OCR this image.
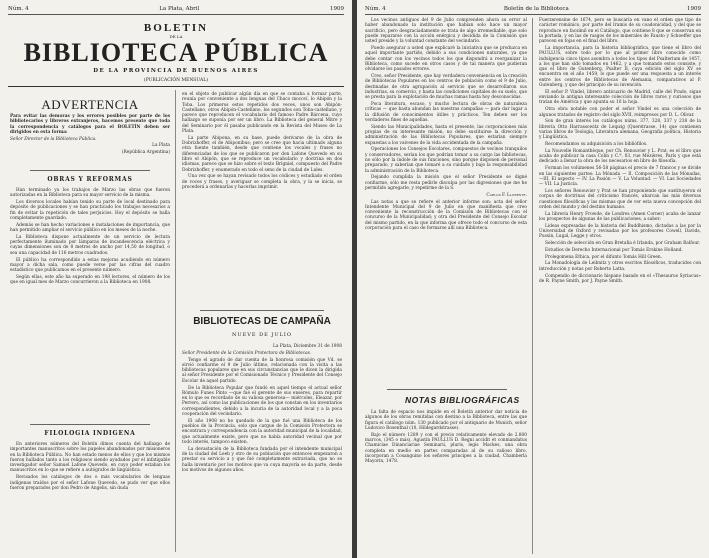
Núm. 4	La Plata, Abril	1909
BOLETIN
DE LA
BIBLIOTECA PÚBLICA
DE LA PROVINCIA DE BUENOS AIRES
(PUBLICACIÓN MENSUAL)
ADVERTENCIA

Para evitar las demoras y los errores posibles por parte de los bibliotecarios y libreros extranjeros, hacemos presente que toda la correspondencia y catálogos para el BOLETÍN deben ser dirigidos en esta forma:

Señor Director de la Biblioteca Pública.

La Plata

(República Argentina)

OBRAS Y REFORMAS

Han terminado ya los trabajos de Marzo las obras que fueron autorizadas en la Biblioteca para su mayor servicio de la misma.

Los diversos locales habían tenido su parte de local destinado para depósito de publicaciones y se han practicado los trabajos necesarios a fin de evitar la repetición de tales perjuicios. Hoy el depósito se halla completamente guardado.

Además se han hecho variaciones e instalaciones de importancia, que han permitido ampliar el servicio público en los meses de la noche.

La Biblioteca dispone actualmente de un servicio de lectura perfectamente iluminado por lámparas de incandescencia eléctrica y cuyas dimensiones son de 8 metros de ancho por 14,50 de longitud, o sea una capacidad de 116 metros cuadrados.

El público ha correspondido a estas mejoras acudiendo en número mayor a dicha sala, como puede verse por las cifras del cuadro estadístico que publicamos en el presente número.

Según ellas, este año ha superado en 198 lectores, el número de los que en igual mes de Marzo concurrieron a la Biblioteca en 1908.

FILOLOGIA INDIGENA

En anteriores números del Boletín dimos cuenta del hallazgo de importantes manuscritos sobre los papeles abandonados por misioneros en la Biblioteca Pública. No han estado menos de ellos y que los mismos fueron hallados tanto a los religiosos siendo ayudados por el infatigable investigador señor Samuel Lafone Quevedo, en cuyo poder estaban los manuscritos en lo que se refiere a autógrafos de lingüística.

Revisados los catálogos de dos o más vocabularios de lenguas indígenas traídos por el señor Lafone Quevedo, se pudo ver que ellos fueron preparados por don Pedro de Angelis, sin duda

en el objeto de publicar algún día en que se contaba a formar parte, reunía por conveniente a dos lenguas del Chaco mocoví, lo Abipón y la Toba. Los primeros estos repetidos dos veces, unos son Abipón-Castellano, otros Abipón-Castellano, los segundos son Toba-castellano, y parece que reproducen el vocabulario del famoso Padre Bárcena, cuyo hallazgo se suponía por ser un libro. La Biblioteca del general Mitre y del Seminario por él pasaba publicando en la Revista del Museo de La Plata.

La parte Abipona, en su base, puede derivarse de la obra de Dobrizhoffer, el de Abiponibus; pero se cree que hacia ultimado alguna otra fuente también, desde que contiene los vocales y frases no diferenciadas de los que se publicaron por don Lafone Quevedo en su libro el Abipón, que se reproduce un vocabulario y doctrina en dos idiomas, parece que se hizo sobre el texto Brigniel, compuesto del Padre Dobrizhoffer, y enumerado en todo el seno de la ciudad de Lules.

Una vez que se hayan revisado todos los códices y estudiado el orden de voces y frases, y averiguar se completa la obra, y la se inicia, se procederá a ordenarlas y hacerlas imprimir.

BIBLIOTECAS DE CAMPAÑA
NUEVE DE JULIO

La Plata, Diciembre 31 de 1908

Señor Presidente de la Comisión Protectora de Bibliotecas.

Tengo el agrado de dar cuenta de la honrosa comisión que Vd. se sirvió confiarme el 9 de Julio último, relacionada con la visita a las bibliotecas populares que en sus circunstancias que le dicen la dirigida al señor Presidente por el Comisionado Técnico y Presidente del Consejo Escolar de aquel partido.

De la Biblioteca Popular que fundó en aquel tiempo el actual señor Rómulo Funes Pinto —que fué el gerente de sus enseres, para repartir en lo que es recordado de su valiosa generosa— miércoles, Eleazar, por Perrero, así como las publicaciones de los que constan en los inventarios correspondientes, debido a la incuria de la autoridad local y a la poca cooperación del vecindario.

El año 1908 no he quedado de la que fué una Biblioteca de los pueblos de la Provincia, solo que cargue de la Comisión Protectora se encontrara y correspondencia con la autoridad municipal de la localidad, que actualmente existe, pero que no había autoridad vecinal que por todo interés, tampoco existen.

La devastación de la Biblioteca fundada por el intendente municipal de la ciudad del Leeb y otro de su población que entonces empezaron a prestar su servicio a y que fué completamente extraviada, que no se halla inventario por los motivos que va cuya mayoría se da parte, desde los motivos de algunos años.

Núm. 4	Boletín de la Biblioteca	1909

Los vecinos antiguos del 9 de Julio comprenden ahora su error al haber abandonado la institución que habían solo hace un mayor sacrificio, pero desgraciadamente se trata de algo irremediable, que solo puede repararse con la acción enérgica y decidida de la Comisión que usted preside y la voluntad constante del vecindario.

Puedo asegurar a usted que explicaré la iniciativa que se produzca en aquel importante partido, debido a sus condiciones naturales, ya que debe contar con los vecinos todos los que dispondrá a reorganizar la Biblioteca, como sucede en otros casos y de tal manera que pudieran olvidarse los pasados errores.

Creo, señor Presidente, que hay verdadera conveniencia en la creación de Bibliotecas Populares en los centros de población como el 9 de Julio, destinadas de otra agrupación al servicio que se desarrollaron sus industrias, su comercio, y hasta las condiciones capitales de su suelo, que se presta para la explotación de muchas ramas hasta hoy desconocidas.

Poca literatura, escaso, y mucho lectura de obras de naturaleza críticas — que basta abundan las nuestras campañas — para dar lugar a la difusión de conocimientos útiles y prácticos. Ten deben ser los verdaderos fines de aquellas.

Siendo las Municipalidades, hasta el presente, las corporaciones más propias de su interesante misión, no debe sustituirse la dirección y administración de las Bibliotecas Populares, que estarían siempre expuestas a los vaivenes de la vida accidentada de la campaña.

Operaciones los Consejos Escolares, compuestos de vecinos tranquilos y conservadores, serían los que podrían tomar a su cargo las bibliotecas, no sólo por la índole de sus funciones, sino porque disponen de personal preparado, y saberían que tomaré a su cuidado y bajo la responsabilidad la administración de la Biblioteca.

Dejando cumplida la misión que el señor Presidente se digné confiarme, sólo me resta pedirle disculpa por las digresiones que me he permitido agregarle, y repetirme de la S.

Carlos F. Llorente.

Las notas a que se refiere el anterior informe son: acta del señor Intendente Municipal del 9 de Julio en que manifiesta que creo conveniente la reconstrucción de la Comisión de Bibliotecas con el concurso de la Municipalidad; y otra del Presidente del Consejo Escolar del mismo partido, en la que informa que ofrece todo el concurso de esta corporación para el caso de formarse allí una Biblioteca.

NOTAS BIBLIOGRÁFICAS

La falta de espacio nos impide en el Boletín anterior dar noticia de algunos de los obras remitidas con destino a la Biblioteca, entre las que figura el catálogo núm. 130 publicado por el antiquario de Munich, señor Ludovico Rosenthal (10, Hildegardstrasse).

Bajo el número 1289 y con el precio relativamente elevado de 2.800 marcos, (345 o más), Agustín PAULLUS D. Regni accidit et conmandatus Chamiciae Dinanciariae Seminarii, pluris, legis Mackes, una obra completa en medio en partes comparadas al de su valioso libro, incorporan a Cosanguino los señores principes a la ciudad, Chamberla Mayorin, 1478.

Fuerzerensine de 1674, pero se buscaría en vano el orden que tipo de carácter románico, por parte del Iramis de su coadonicidad, y del que se reproduce en facsímil en el Catálogo, que contiene 8 que se conservan en la portada, y en las de rasgos de los minerales de Fausto y Schoeffer que parecen en fojas en el final del libro.

La importancia, para la historia bibliográfica, que tiene el libro del PAULLUS, sobre todo por lo que al primer libro conocido como indulgencia cinco tipos asombra a todos los tipos del Psalterium de 1457, a los que han sido tomados en 1462, y a que tomando estos consiste, y que el libro de Gutenberg, Psalter II, cuya edición del siglo XV se encuentra en el año 1459, lo que puede ser una respuesta a un interés entre los centros de Bibliotecas de Alemania, comparativos al P. Gutenberg, y que del principio de su invención.

El señor P. Vindel, librero anticuario de Madrid, calle del Prado, sigue enviando la antigua interesante colección de libros raros y curiosos que tratan de América y que apunta su 10 la hoja.

Otra obra notable con poder el señor Vindel es una colección de algunos tratados de registro del siglo XVII, reimpresos por D. L. Olivar.

Son de gran interés los catálogos núms. 377, 328, 337 y 238 de la librería Otto Harrassowitz de Leipzig (Querstrasse, 14) que contienen varias libros de Teología, Literatura alemana, Geografía política, Historia y Lingüística.

Recomendamos su adquisición a los bibliófilos.

La Nouvelle Romanthèque, por Ch. Renouvier y L. Prat, es el libro que acaba de publicar la casa Colin y C.ª, 03, rue Mézières, París y que está dedicado a llenar la obra de los necesarios en libro de filosofía.

Forman los volúmenes 56-58 páginas el precio de 7 francos y se divide en las siguientes partes: La Mónada — II. Composición de las Mónadas, —III. El aspecto — IV. La Pasión — V. La Voluntad. — VI. Las Sociedades — VII. La Justicia.

Los señores Renouvier y Prat se han proponiendo que sustituyeron el corpus de doctrinas del criticismo francés, abarcan las más diversas cuestiones filosóficas y las mismas que de ver esta nueva concepción del orden del mundo y del destino humano.

La librería Henry Frowde, de Londres (Amen Corner) acaba de lanzar los prospectos de algunas de las publicaciones, a saber:

Lideas expresadas de la historia del Buddhismo, dictadas a las por la Universidad de Oxford y revisadas por los profesores Cowell, Davids, Pussin, Lugal, Legge y otros.

Selección de selección en Gran Bretaña é Irlanda, por Graham Balfour.

Estudios de Derecho Internacional por Tomás Erskine Holland.

Prolegomena Ethica, por el difunto Tomás Hill Green.

La Monadología de Leibnitz y otros escritos filosóficos, traducidos con introducción y notas por Roberto Latta.

Compendio de diccionario hispano basado en el «Thesaurus Syriacus» de R. Payne Smith, por J. Payne Smith.
